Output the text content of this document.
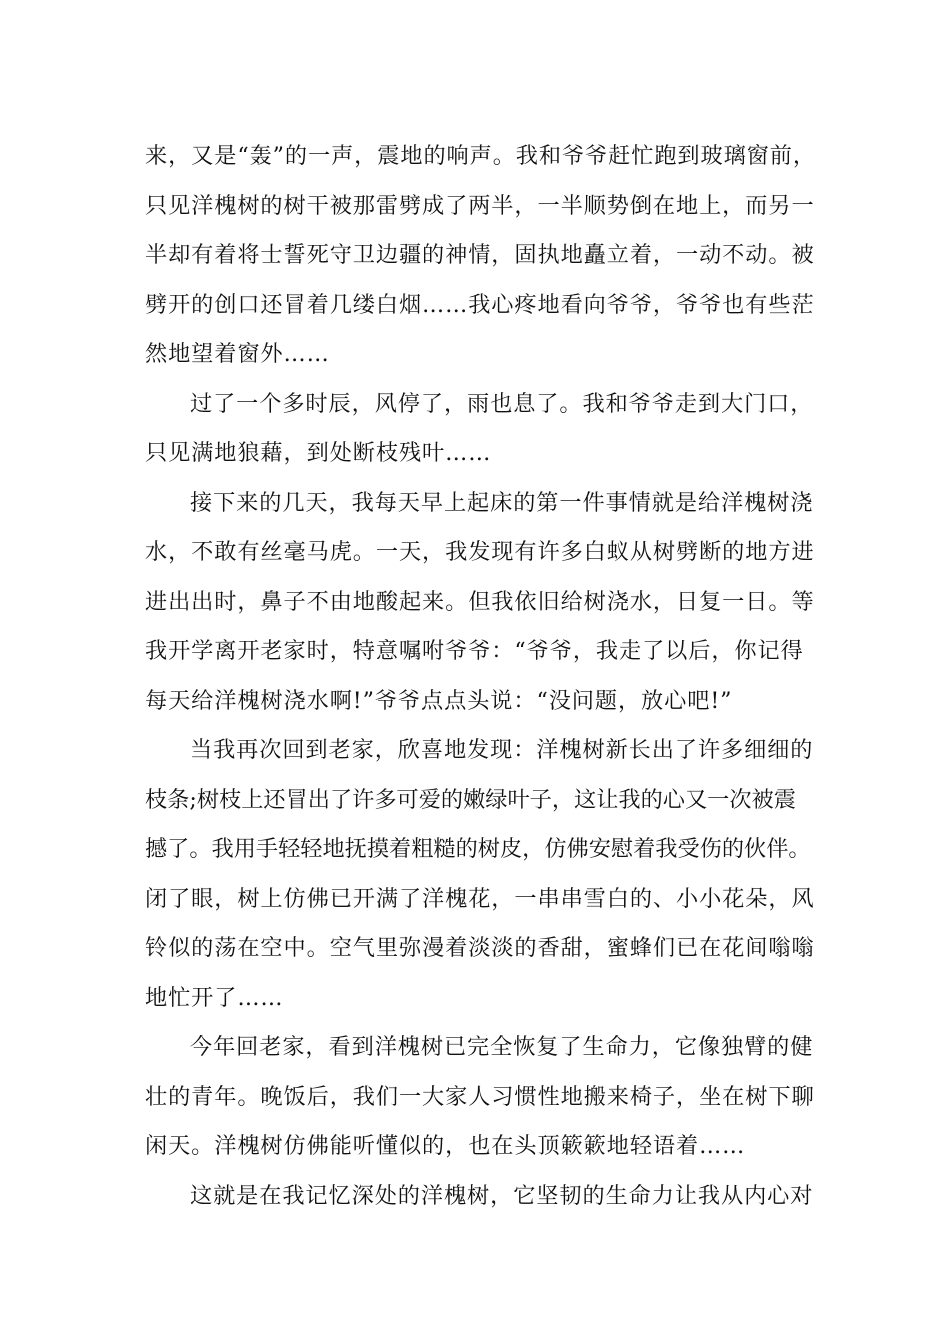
来，又是“轰”的一声，震地的响声。我和爷爷赶忙跑到玻璃窗前，
只见洋槐树的树干被那雷劈成了两半，一半顺势倒在地上，而另一
半却有着将士誓死守卫边疆的神情，固执地矗立着，一动不动。被
劈开的创口还冒着几缕白烟……我心疼地看向爷爷，爷爷也有些茫
然地望着窗外……
过了一个多时辰，风停了，雨也息了。我和爷爷走到大门口，
只见满地狼藉，到处断枝残叶……
接下来的几天，我每天早上起床的第一件事情就是给洋槐树浇
水，不敢有丝毫马虎。一天，我发现有许多白蚁从树劈断的地方进
进出出时，鼻子不由地酸起来。但我依旧给树浇水，日复一日。等
我开学离开老家时，特意嘱咐爷爷：“爷爷，我走了以后，你记得
每天给洋槐树浇水啊!”爷爷点点头说：“没问题，放心吧!”
当我再次回到老家，欣喜地发现：洋槐树新长出了许多细细的
枝条;树枝上还冒出了许多可爱的嫩绿叶子，这让我的心又一次被震
撼了。我用手轻轻地抚摸着粗糙的树皮，仿佛安慰着我受伤的伙伴。
闭了眼，树上仿佛已开满了洋槐花，一串串雪白的、小小花朵，风
铃似的荡在空中。空气里弥漫着淡淡的香甜，蜜蜂们已在花间嗡嗡
地忙开了……
今年回老家，看到洋槐树已完全恢复了生命力，它像独臂的健
壮的青年。晚饭后，我们一大家人习惯性地搬来椅子，坐在树下聊
闲天。洋槐树仿佛能听懂似的，也在头顶簌簌地轻语着……
这就是在我记忆深处的洋槐树，它坚韧的生命力让我从内心对
